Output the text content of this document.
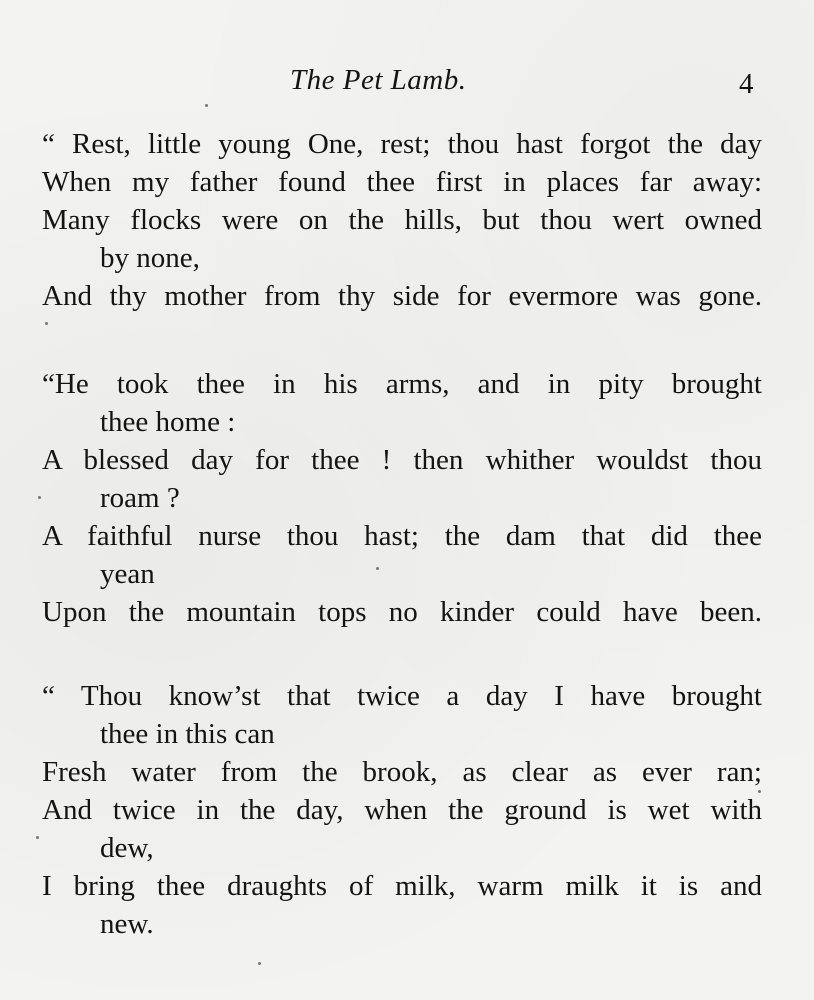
The Pet Lamb.	4
“ Rest, little young One, rest; thou hast forgot the day
When my father found thee first in places far away:
Many flocks were on the hills, but thou wert owned
by none,
And thy mother from thy side for evermore was gone.
“He took thee in his arms, and in pity brought
thee home :
A blessed day for thee ! then whither wouldst thou
roam ?
A faithful nurse thou hast; the dam that did thee
yean
Upon the mountain tops no kinder could have been.
“ Thou know’st that twice a day I have brought
thee in this can
Fresh water from the brook, as clear as ever ran;
And twice in the day, when the ground is wet with
dew,
I bring thee draughts of milk, warm milk it is and
new.
